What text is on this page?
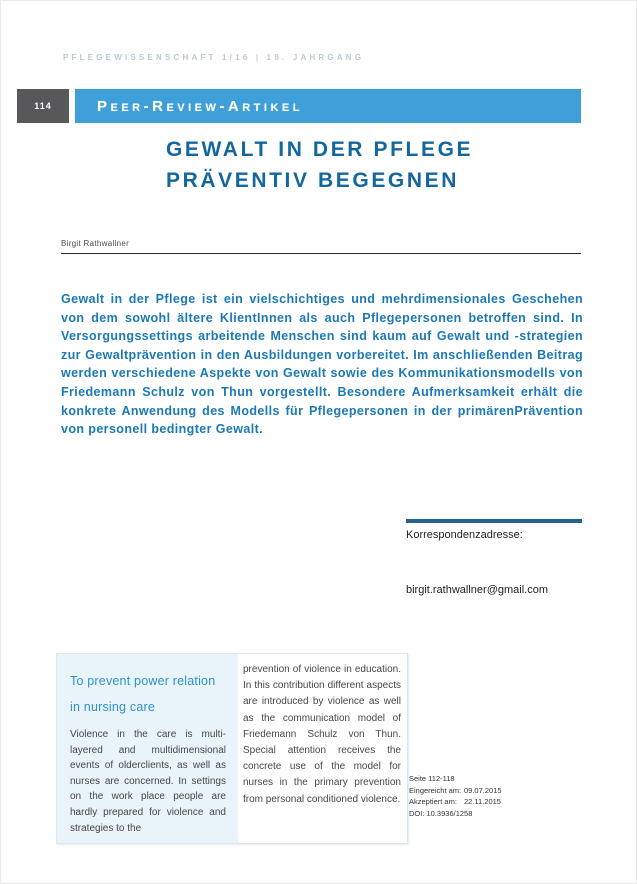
PFLEGEWISSENSCHAFT 1/16 | 18. JAHRGANG
114	Peer-Review-Artikel
GEWALT IN DER PFLEGE
PRÄVENTIV BEGEGNEN
Birgit Rathwallner

Gewalt in der Pflege ist ein vielschichtiges und mehrdimensionales Geschehen von dem sowohl ältere KlientInnen als auch Pflegepersonen betroffen sind. In Versorgungssettings arbeitende Menschen sind kaum auf Gewalt und -strategien zur Gewaltprävention in den Ausbildungen vorbereitet. Im anschließenden Beitrag werden verschiedene Aspekte von Gewalt sowie des Kommunikationsmodells von Friedemann Schulz von Thun vorgestellt. Besondere Aufmerksamkeit erhält die konkrete Anwendung des Modells für Pflegepersonen in der primärenPrävention von personell bedingter Gewalt.

Korrespondenzadresse:
birgit.rathwallner@gmail.com
To prevent power relation
in nursing care

Violence in the care is multi-layered and multidimensional events of olderclients, as well as nurses are concerned. In settings on the work place people are hardly prepared for violence and strategies to the

prevention of violence in education. In this contribution different aspects are introduced by violence as well as the communication model of Friedemann Schulz von Thun. Special attention receives the concrete use of the model for nurses in the primary prevention from personal conditioned violence.

Seite 112-118
Eingereicht am: 09.07.2015
Akzeptiert am: 22.11.2015
DOI: 10.3936/1258
